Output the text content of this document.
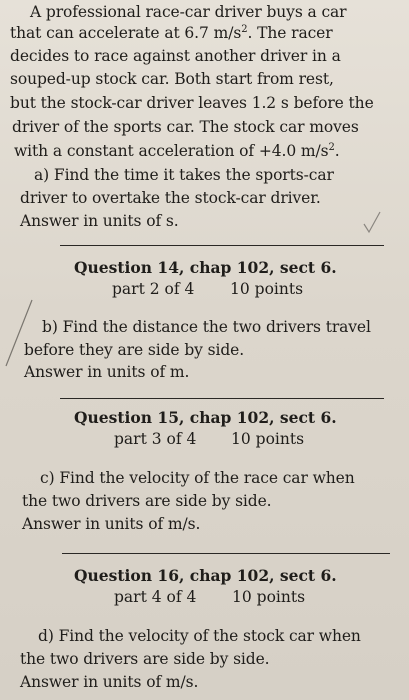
A professional race-car driver buys a car
that can accelerate at 6.7 $m/s^2$. The racer
decides to race against another driver in a
souped-up stock car. Both start from rest,
but the stock-car driver leaves 1.2 s before the
driver of the sports car. The stock car moves
with a constant acceleration of +4.0 $m/s^2$.
a) Find the time it takes the sports-car
driver to overtake the stock-car driver.
Answer in units of s.
Question 14, chap 102, sect 6.
part 2 of 4 10 points
b) Find the distance the two drivers travel
before they are side by side.
Answer in units of m.
Question 15, chap 102, sect 6.
part 3 of 4 10 points
c) Find the velocity of the race car when
the two drivers are side by side.
Answer in units of m/s.
Question 16, chap 102, sect 6.
part 4 of 4 10 points
d) Find the velocity of the stock car when
the two drivers are side by side.
Answer in units of m/s.
